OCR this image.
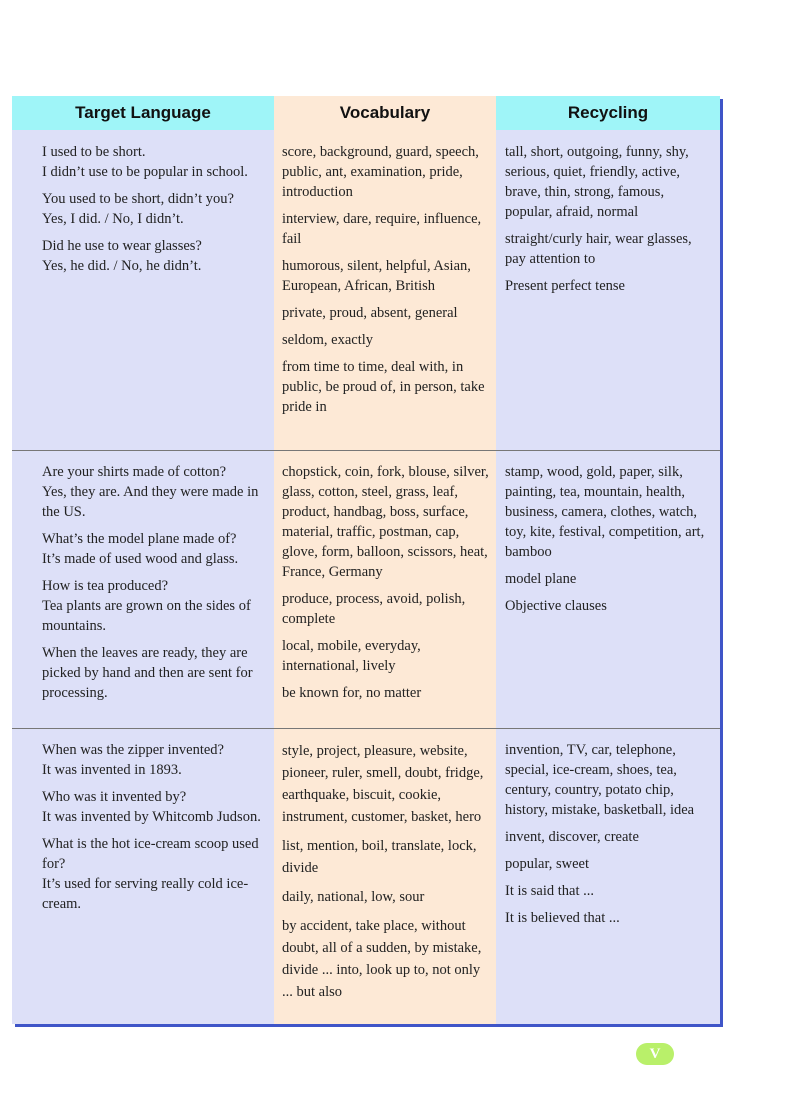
Target Language	Vocabulary	Recycling

I used to be short.
I didn’t use to be popular in school.

You used to be short, didn’t you?
Yes, I did. / No, I didn’t.

Did he use to wear glasses?
Yes, he did. / No, he didn’t.

score, background, guard, speech, public, ant, examination, pride, introduction

interview, dare, require, influence, fail

humorous, silent, helpful, Asian, European, African, British

private, proud, absent, general

seldom, exactly

from time to time, deal with, in public, be proud of, in person, take pride in

tall, short, outgoing, funny, shy, serious, quiet, friendly, active, brave, thin, strong, famous, popular, afraid, normal

straight/curly hair, wear glasses, pay attention to

Present perfect tense

Are your shirts made of cotton?
Yes, they are. And they were made in the US.

What’s the model plane made of?
It’s made of used wood and glass.

How is tea produced?
Tea plants are grown on the sides of mountains.

When the leaves are ready, they are picked by hand and then are sent for processing.

chopstick, coin, fork, blouse, silver, glass, cotton, steel, grass, leaf, product, handbag, boss, surface, material, traffic, postman, cap, glove, form, balloon, scissors, heat, France, Germany

produce, process, avoid, polish, complete

local, mobile, everyday, international, lively

be known for, no matter

stamp, wood, gold, paper, silk, painting, tea, mountain, health, business, camera, clothes, watch, toy, kite, festival, competition, art, bamboo

model plane

Objective clauses

When was the zipper invented?
It was invented in 1893.

Who was it invented by?
It was invented by Whitcomb Judson.

What is the hot ice-cream scoop used for?
It’s used for serving really cold ice-cream.

style, project, pleasure, website, pioneer, ruler, smell, doubt, fridge, earthquake, biscuit, cookie, instrument, customer, basket, hero

list, mention, boil, translate, lock, divide

daily, national, low, sour

by accident, take place, without doubt, all of a sudden, by mistake, divide ... into, look up to, not only ... but also

invention, TV, car, telephone, special, ice-cream, shoes, tea, century, country, potato chip, history, mistake, basketball, idea

invent, discover, create

popular, sweet

It is said that ...

It is believed that ...

V
